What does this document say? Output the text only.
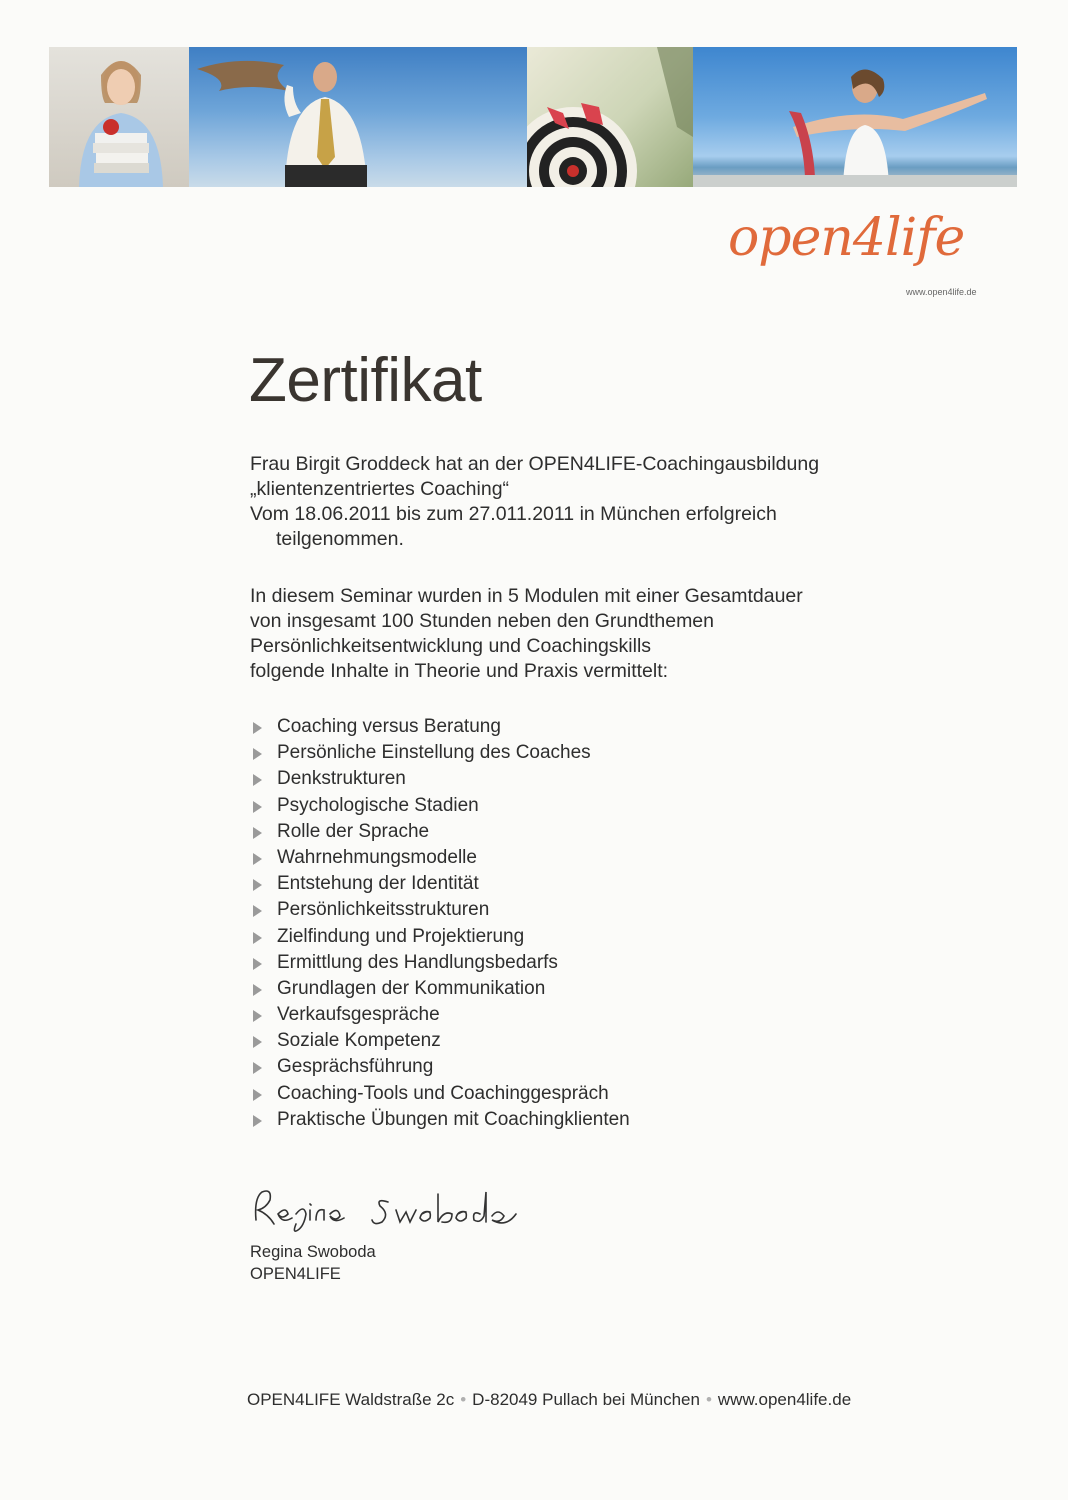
open4life
www.open4life.de
Zertifikat
Frau Birgit Groddeck hat an der OPEN4LIFE-Coachingausbildung
„klientenzentriertes Coaching“
Vom 18.06.2011 bis zum 27.011.2011 in München erfolgreich
teilgenommen.
In diesem Seminar wurden in 5 Modulen mit einer Gesamtdauer
von insgesamt 100 Stunden neben den Grundthemen
Persönlichkeitsentwicklung und Coachingskills
folgende Inhalte in Theorie und Praxis vermittelt:
Coaching versus Beratung
Persönliche Einstellung des Coaches
Denkstrukturen
Psychologische Stadien
Rolle der Sprache
Wahrnehmungsmodelle
Entstehung der Identität
Persönlichkeitsstrukturen
Zielfindung und Projektierung
Ermittlung des Handlungsbedarfs
Grundlagen der Kommunikation
Verkaufsgespräche
Soziale Kompetenz
Gesprächsführung
Coaching-Tools und Coachinggespräch
Praktische Übungen mit Coachingklienten
Regina Swoboda
OPEN4LIFE
OPEN4LIFE Waldstraße 2c • D-82049 Pullach bei München • www.open4life.de
